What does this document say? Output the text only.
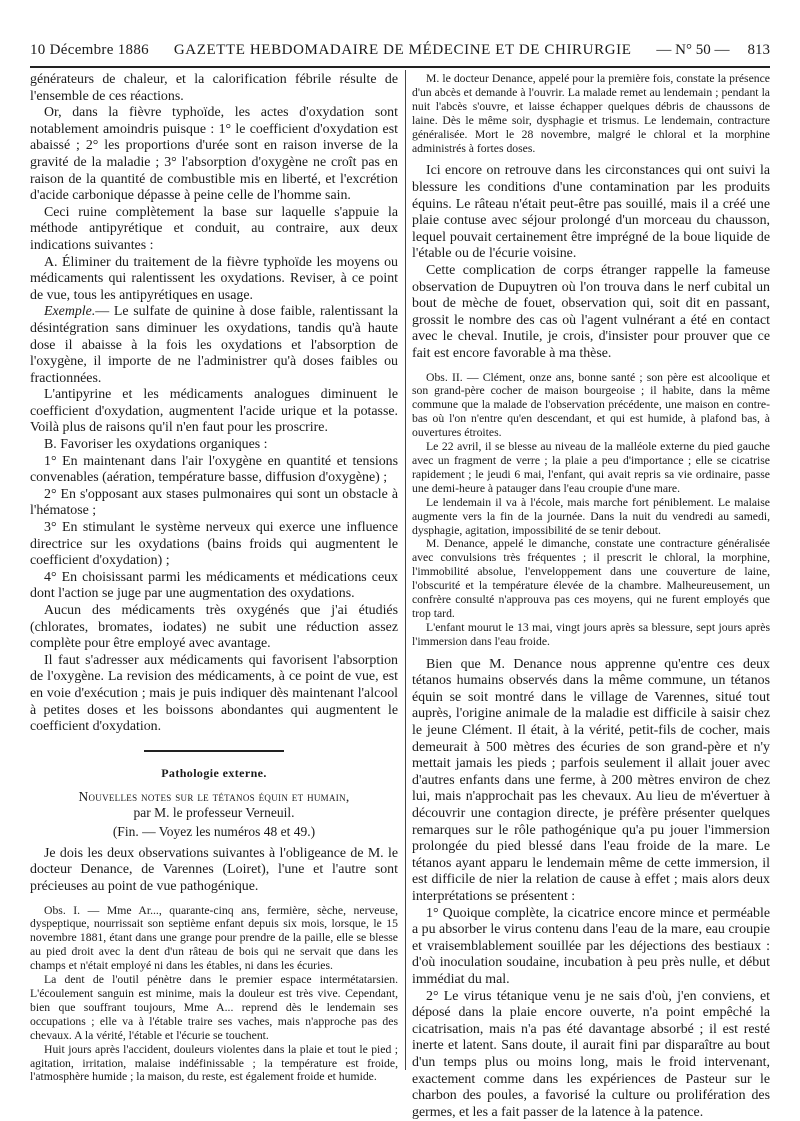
10 Décembre 1886 GAZETTE HEBDOMADAIRE DE MÉDECINE ET DE CHIRURGIE — N° 50 — 813

générateurs de chaleur, et la calorification fébrile résulte de l'ensemble de ces réactions.

Or, dans la fièvre typhoïde, les actes d'oxydation sont notablement amoindris puisque : 1° le coefficient d'oxydation est abaissé ; 2° les proportions d'urée sont en raison inverse de la gravité de la maladie ; 3° l'absorption d'oxygène ne croît pas en raison de la quantité de combustible mis en liberté, et l'excrétion d'acide carbonique dépasse à peine celle de l'homme sain.

Ceci ruine complètement la base sur laquelle s'appuie la méthode antipyrétique et conduit, au contraire, aux deux indications suivantes :

A. Éliminer du traitement de la fièvre typhoïde les moyens ou médicaments qui ralentissent les oxydations. Reviser, à ce point de vue, tous les antipyrétiques en usage.

Exemple.— Le sulfate de quinine à dose faible, ralentissant la désintégration sans diminuer les oxydations, tandis qu'à haute dose il abaisse à la fois les oxydations et l'absorption de l'oxygène, il importe de ne l'administrer qu'à doses faibles ou fractionnées.

L'antipyrine et les médicaments analogues diminuent le coefficient d'oxydation, augmentent l'acide urique et la potasse. Voilà plus de raisons qu'il n'en faut pour les proscrire.

B. Favoriser les oxydations organiques :

1° En maintenant dans l'air l'oxygène en quantité et tensions convenables (aération, température basse, diffusion d'oxygène) ;

2° En s'opposant aux stases pulmonaires qui sont un obstacle à l'hématose ;

3° En stimulant le système nerveux qui exerce une influence directrice sur les oxydations (bains froids qui augmentent le coefficient d'oxydation) ;

4° En choisissant parmi les médicaments et médications ceux dont l'action se juge par une augmentation des oxydations.

Aucun des médicaments très oxygénés que j'ai étudiés (chlorates, bromates, iodates) ne subit une réduction assez complète pour être employé avec avantage.

Il faut s'adresser aux médicaments qui favorisent l'absorption de l'oxygène. La revision des médicaments, à ce point de vue, est en voie d'exécution ; mais je puis indiquer dès maintenant l'alcool à petites doses et les boissons abondantes qui augmentent le coefficient d'oxydation.

Pathologie externe.
Nouvelles notes sur le tétanos équin et humain,
par M. le professeur Verneuil.
(Fin. — Voyez les numéros 48 et 49.)

Je dois les deux observations suivantes à l'obligeance de M. le docteur Denance, de Varennes (Loiret), l'une et l'autre sont précieuses au point de vue pathogénique.

Obs. I. — Mme Ar..., quarante-cinq ans, fermière, sèche, nerveuse, dyspeptique, nourrissait son septième enfant depuis six mois, lorsque, le 15 novembre 1881, étant dans une grange pour prendre de la paille, elle se blesse au pied droit avec la dent d'un râteau de bois qui ne servait que dans les champs et n'était employé ni dans les étables, ni dans les écuries.

La dent de l'outil pénètre dans le premier espace intermétatarsien. L'écoulement sanguin est minime, mais la douleur est très vive. Cependant, bien que souffrant toujours, Mme A... reprend dès le lendemain ses occupations ; elle va à l'étable traire ses vaches, mais n'approche pas des chevaux. A la vérité, l'étable et l'écurie se touchent.

Huit jours après l'accident, douleurs violentes dans la plaie et tout le pied ; agitation, irritation, malaise indéfinissable ; la température est froide, l'atmosphère humide ; la maison, du reste, est également froide et humide.

M. le docteur Denance, appelé pour la première fois, constate la présence d'un abcès et demande à l'ouvrir. La malade remet au lendemain ; pendant la nuit l'abcès s'ouvre, et laisse échapper quelques débris de chaussons de laine. Dès le même soir, dysphagie et trismus. Le lendemain, contracture généralisée. Mort le 28 novembre, malgré le chloral et la morphine administrés à fortes doses.

Ici encore on retrouve dans les circonstances qui ont suivi la blessure les conditions d'une contamination par les produits équins. Le râteau n'était peut-être pas souillé, mais il a créé une plaie contuse avec séjour prolongé d'un morceau du chausson, lequel pouvait certainement être imprégné de la boue liquide de l'étable ou de l'écurie voisine.

Cette complication de corps étranger rappelle la fameuse observation de Dupuytren où l'on trouva dans le nerf cubital un bout de mèche de fouet, observation qui, soit dit en passant, grossit le nombre des cas où l'agent vulnérant a été en contact avec le cheval. Inutile, je crois, d'insister pour prouver que ce fait est encore favorable à ma thèse.

Obs. II. — Clément, onze ans, bonne santé ; son père est alcoolique et son grand-père cocher de maison bourgeoise ; il habite, dans la même commune que la malade de l'observation précédente, une maison en contre-bas où l'on n'entre qu'en descendant, et qui est humide, à plafond bas, à ouvertures étroites.

Le 22 avril, il se blesse au niveau de la malléole externe du pied gauche avec un fragment de verre ; la plaie a peu d'importance ; elle se cicatrise rapidement ; le jeudi 6 mai, l'enfant, qui avait repris sa vie ordinaire, passe une demi-heure à patauger dans l'eau croupie d'une mare.

Le lendemain il va à l'école, mais marche fort péniblement. Le malaise augmente vers la fin de la journée. Dans la nuit du vendredi au samedi, dysphagie, agitation, impossibilité de se tenir debout.

M. Denance, appelé le dimanche, constate une contracture généralisée avec convulsions très fréquentes ; il prescrit le chloral, la morphine, l'immobilité absolue, l'enveloppement dans une couverture de laine, l'obscurité et la température élevée de la chambre. Malheureusement, un confrère consulté n'approuva pas ces moyens, qui ne furent employés que trop tard.

L'enfant mourut le 13 mai, vingt jours après sa blessure, sept jours après l'immersion dans l'eau froide.

Bien que M. Denance nous apprenne qu'entre ces deux tétanos humains observés dans la même commune, un tétanos équin se soit montré dans le village de Varennes, situé tout auprès, l'origine animale de la maladie est difficile à saisir chez le jeune Clément. Il était, à la vérité, petit-fils de cocher, mais demeurait à 500 mètres des écuries de son grand-père et n'y mettait jamais les pieds ; parfois seulement il allait jouer avec d'autres enfants dans une ferme, à 200 mètres environ de chez lui, mais n'approchait pas les chevaux. Au lieu de m'évertuer à découvrir une contagion directe, je préfère présenter quelques remarques sur le rôle pathogénique qu'a pu jouer l'immersion prolongée du pied blessé dans l'eau froide de la mare. Le tétanos ayant apparu le lendemain même de cette immersion, il est difficile de nier la relation de cause à effet ; mais alors deux interprétations se présentent :

1° Quoique complète, la cicatrice encore mince et perméable a pu absorber le virus contenu dans l'eau de la mare, eau croupie et vraisemblablement souillée par les déjections des bestiaux : d'où inoculation soudaine, incubation à peu près nulle, et début immédiat du mal.

2° Le virus tétanique venu je ne sais d'où, j'en conviens, et déposé dans la plaie encore ouverte, n'a point empêché la cicatrisation, mais n'a pas été davantage absorbé ; il est resté inerte et latent. Sans doute, il aurait fini par disparaître au bout d'un temps plus ou moins long, mais le froid intervenant, exactement comme dans les expériences de Pasteur sur le charbon des poules, a favorisé la culture ou prolifération des germes, et les a fait passer de la latence à la patence.
